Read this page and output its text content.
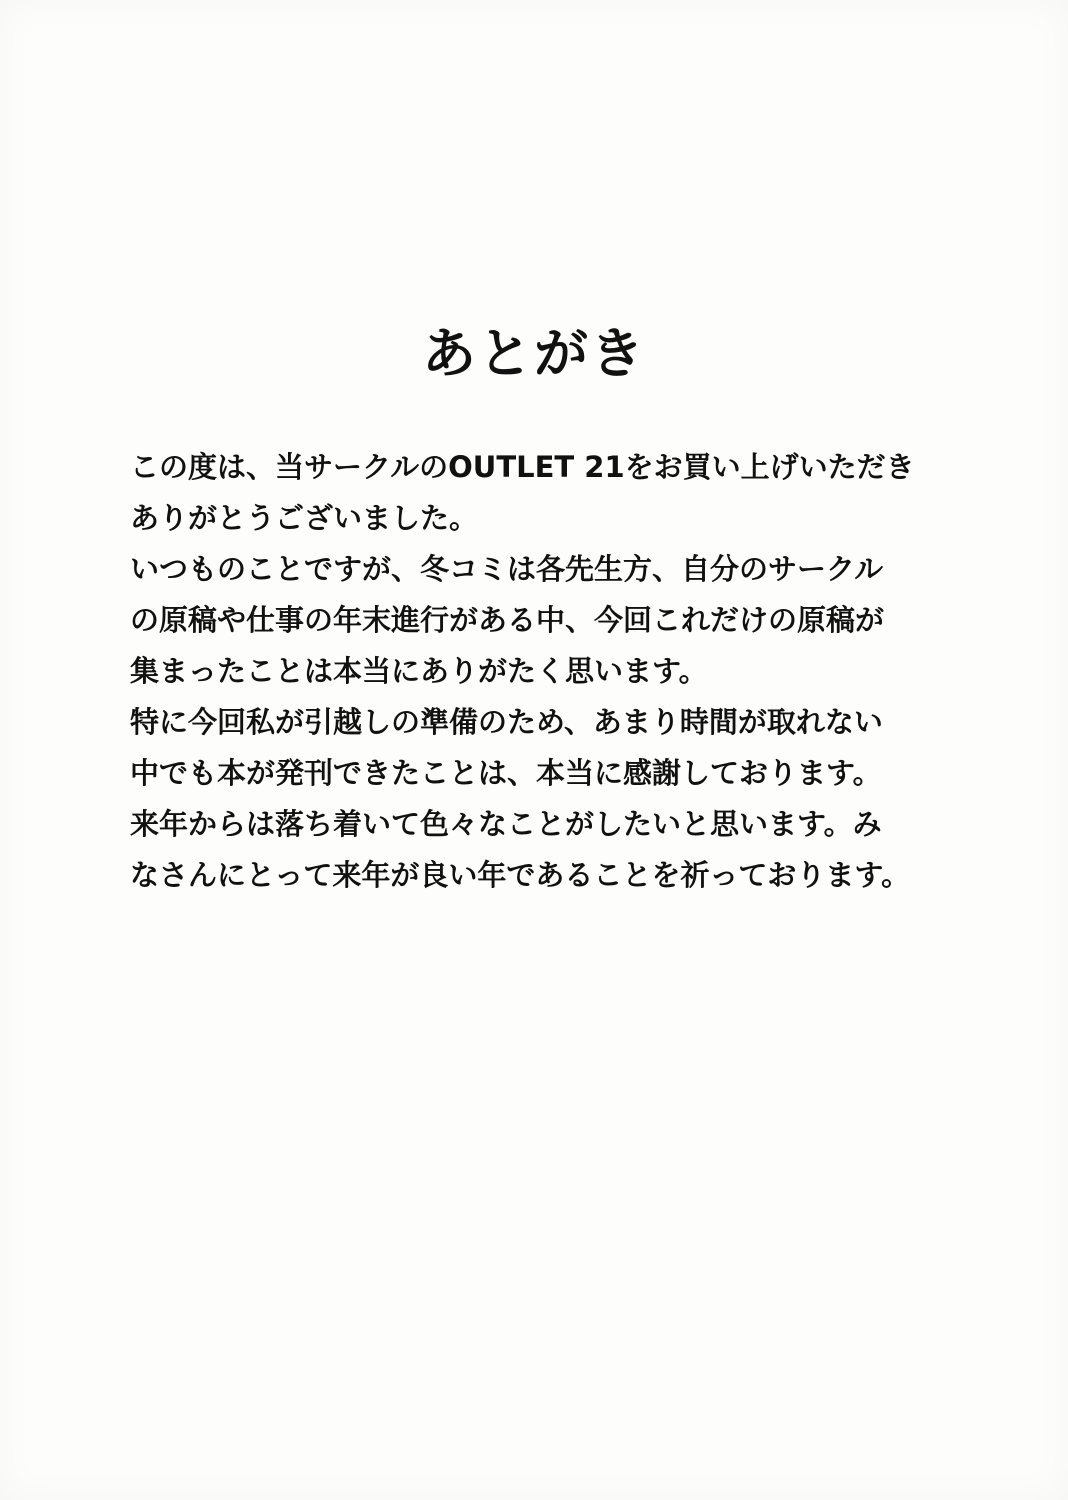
あとがき
この度は、当サークルのOUTLET 21をお買い上げいただき
ありがとうございました。
いつものことですが、冬コミは各先生方、自分のサークル
の原稿や仕事の年末進行がある中、今回これだけの原稿が
集まったことは本当にありがたく思います。
特に今回私が引越しの準備のため、あまり時間が取れない
中でも本が発刊できたことは、本当に感謝しております。
来年からは落ち着いて色々なことがしたいと思います。み
なさんにとって来年が良い年であることを祈っております。
